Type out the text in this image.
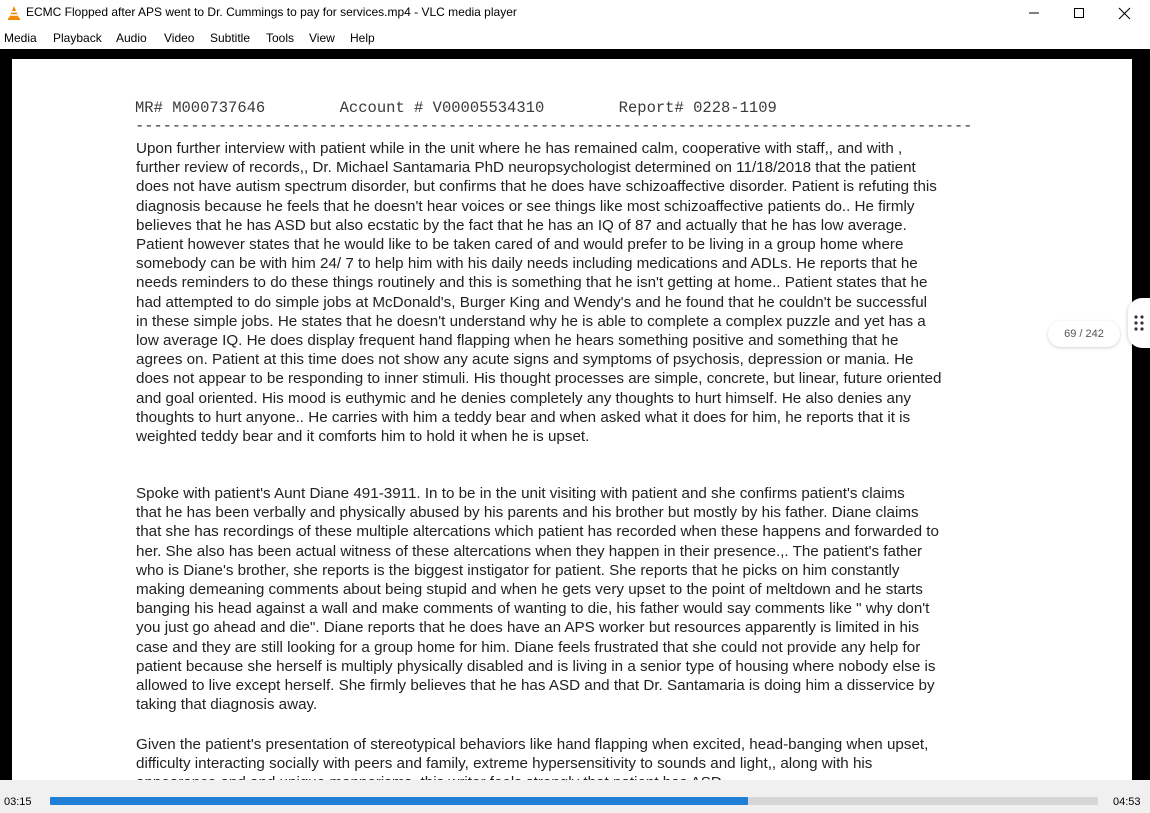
ECMC Flopped after APS went to Dr. Cummings to pay for services.mp4 - VLC media player
Media Playback Audio Video Subtitle Tools View Help
MR# M000737646        Account # V00005534310        Report# 0228-1109
-------------------------------------------------------------------------------------------
Upon further interview with patient while in the unit where he has remained calm, cooperative with staff,, and with ,
further review of records,, Dr. Michael Santamaria PhD neuropsychologist determined on 11/18/2018 that the patient
does not have autism spectrum disorder, but confirms that he does have schizoaffective disorder. Patient is refuting this
diagnosis because he feels that he doesn't hear voices or see things like most schizoaffective patients do.. He firmly
believes that he has ASD but also ecstatic by the fact that he has an IQ of 87 and actually that he has low average.
Patient however states that he would like to be taken cared of and would prefer to be living in a group home where
somebody can be with him 24/ 7 to help him with his daily needs including medications and ADLs. He reports that he
needs reminders to do these things routinely and this is something that he isn't getting at home.. Patient states that he
had attempted to do simple jobs at McDonald's, Burger King and Wendy's and he found that he couldn't be successful
in these simple jobs. He states that he doesn't understand why he is able to complete a complex puzzle and yet has a
low average IQ. He does display frequent hand flapping when he hears something positive and something that he
agrees on. Patient at this time does not show any acute signs and symptoms of psychosis, depression or mania. He
does not appear to be responding to inner stimuli. His thought processes are simple, concrete, but linear, future oriented
and goal oriented. His mood is euthymic and he denies completely any thoughts to hurt himself. He also denies any
thoughts to hurt anyone.. He carries with him a teddy bear and when asked what it does for him, he reports that it is
weighted teddy bear and it comforts him to hold it when he is upset.
Spoke with patient's Aunt Diane 491-3911. In to be in the unit visiting with patient and she confirms patient's claims
that he has been verbally and physically abused by his parents and his brother but mostly by his father. Diane claims
that she has recordings of these multiple altercations which patient has recorded when these happens and forwarded to
her. She also has been actual witness of these altercations when they happen in their presence.,. The patient's father
who is Diane's brother, she reports is the biggest instigator for patient. She reports that he picks on him constantly
making demeaning comments about being stupid and when he gets very upset to the point of meltdown and he starts
banging his head against a wall and make comments of wanting to die, his father would say comments like " why don't
you just go ahead and die". Diane reports that he does have an APS worker but resources apparently is limited in his
case and they are still looking for a group home for him. Diane feels frustrated that she could not provide any help for
patient because she herself is multiply physically disabled and is living in a senior type of housing where nobody else is
allowed to live except herself. She firmly believes that he has ASD and that Dr. Santamaria is doing him a disservice by
taking that diagnosis away.
Given the patient's presentation of stereotypical behaviors like hand flapping when excited, head-banging when upset,
difficulty interacting socially with peers and family, extreme hypersensitivity to sounds and light,, along with his
69 / 242
03:15	04:53
